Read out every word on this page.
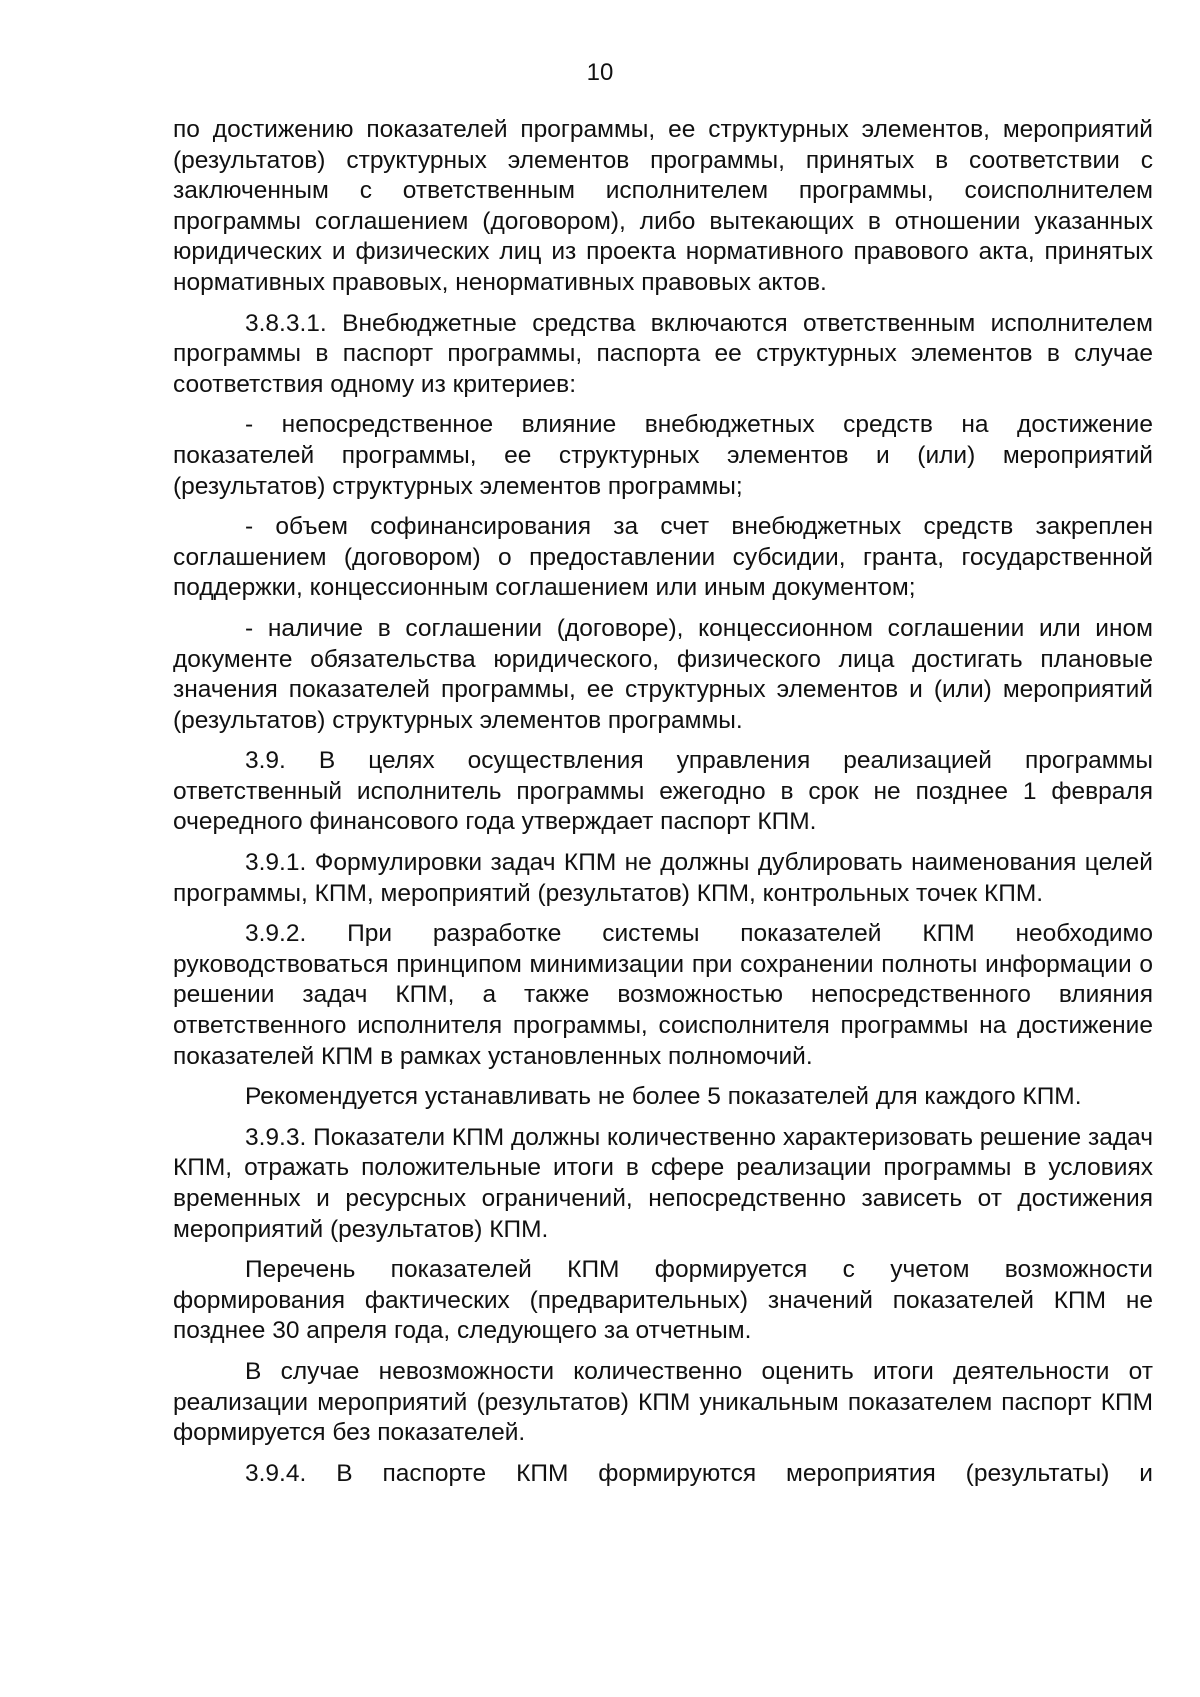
10

по достижению показателей программы, ее структурных элементов, мероприятий (результатов) структурных элементов программы, принятых в соответствии с заключенным с ответственным исполнителем программы, соисполнителем программы соглашением (договором), либо вытекающих в отношении указанных юридических и физических лиц из проекта нормативного правового акта, принятых нормативных правовых, ненормативных правовых актов.

3.8.3.1. Внебюджетные средства включаются ответственным исполнителем программы в паспорт программы, паспорта ее структурных элементов в случае соответствия одному из критериев:

- непосредственное влияние внебюджетных средств на достижение показателей программы, ее структурных элементов и (или) мероприятий (результатов) структурных элементов программы;

- объем софинансирования за счет внебюджетных средств закреплен соглашением (договором) о предоставлении субсидии, гранта, государственной поддержки, концессионным соглашением или иным документом;

- наличие в соглашении (договоре), концессионном соглашении или ином документе обязательства юридического, физического лица достигать плановые значения показателей программы, ее структурных элементов и (или) мероприятий (результатов) структурных элементов программы.

3.9. В целях осуществления управления реализацией программы ответственный исполнитель программы ежегодно в срок не позднее 1 февраля очередного финансового года утверждает паспорт КПМ.

3.9.1. Формулировки задач КПМ не должны дублировать наименования целей программы, КПМ, мероприятий (результатов) КПМ, контрольных точек КПМ.

3.9.2. При разработке системы показателей КПМ необходимо руководствоваться принципом минимизации при сохранении полноты информации о решении задач КПМ, а также возможностью непосредственного влияния ответственного исполнителя программы, соисполнителя программы на достижение показателей КПМ в рамках установленных полномочий.

Рекомендуется устанавливать не более 5 показателей для каждого КПМ.

3.9.3. Показатели КПМ должны количественно характеризовать решение задач КПМ, отражать положительные итоги в сфере реализации программы в условиях временных и ресурсных ограничений, непосредственно зависеть от достижения мероприятий (результатов) КПМ.

Перечень показателей КПМ формируется с учетом возможности формирования фактических (предварительных) значений показателей КПМ не позднее 30 апреля года, следующего за отчетным.

В случае невозможности количественно оценить итоги деятельности от реализации мероприятий (результатов) КПМ уникальным показателем паспорт КПМ формируется без показателей.

3.9.4. В паспорте КПМ формируются мероприятия (результаты) и
